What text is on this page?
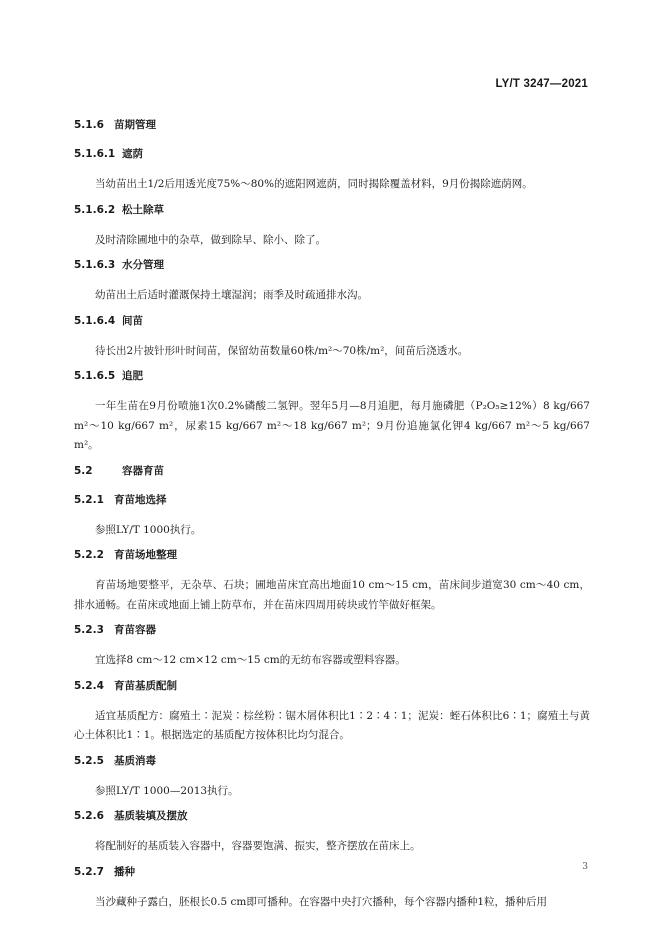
LY/T 3247—2021
5.1.6 苗期管理
5.1.6.1 遮荫
当幼苗出土1/2后用透光度75%～80%的遮阳网遮荫，同时揭除覆盖材料，9月份揭除遮荫网。
5.1.6.2 松土除草
及时清除圃地中的杂草，做到除早、除小、除了。
5.1.6.3 水分管理
幼苗出土后适时灌溉保持土壤湿润；雨季及时疏通排水沟。
5.1.6.4 间苗
待长出2片披针形叶时间苗，保留幼苗数量60株/m²～70株/m²，间苗后浇透水。
5.1.6.5 追肥
一年生苗在9月份喷施1次0.2%磷酸二氢钾。翌年5月—8月追肥，每月施磷肥（P₂O₅≥12%）8 kg/667 m²～10 kg/667 m²，尿素15 kg/667 m²～18 kg/667 m²；9月份追施氯化钾4 kg/667 m²～5 kg/667 m²。
5.2	容器育苗
5.2.1 育苗地选择
参照LY/T 1000执行。
5.2.2 育苗场地整理
育苗场地要整平，无杂草、石块；圃地苗床宜高出地面10 cm～15 cm，苗床间步道宽30 cm～40 cm，排水通畅。在苗床或地面上铺上防草布，并在苗床四周用砖块或竹竿做好框架。
5.2.3 育苗容器
宜选择8 cm～12 cm×12 cm～15 cm的无纺布容器或塑料容器。
5.2.4 育苗基质配制
适宜基质配方：腐殖土∶泥炭∶棕丝粉∶锯木屑体积比1∶2∶4∶1；泥炭：蛭石体积比6∶1；腐殖土与黄心土体积比1∶1。根据选定的基质配方按体积比均匀混合。
5.2.5 基质消毒
参照LY/T 1000—2013执行。
5.2.6 基质装填及摆放
将配制好的基质装入容器中，容器要饱满、振实，整齐摆放在苗床上。
5.2.7 播种
当沙藏种子露白，胚根长0.5 cm即可播种。在容器中央打穴播种，每个容器内播种1粒，播种后用
3
